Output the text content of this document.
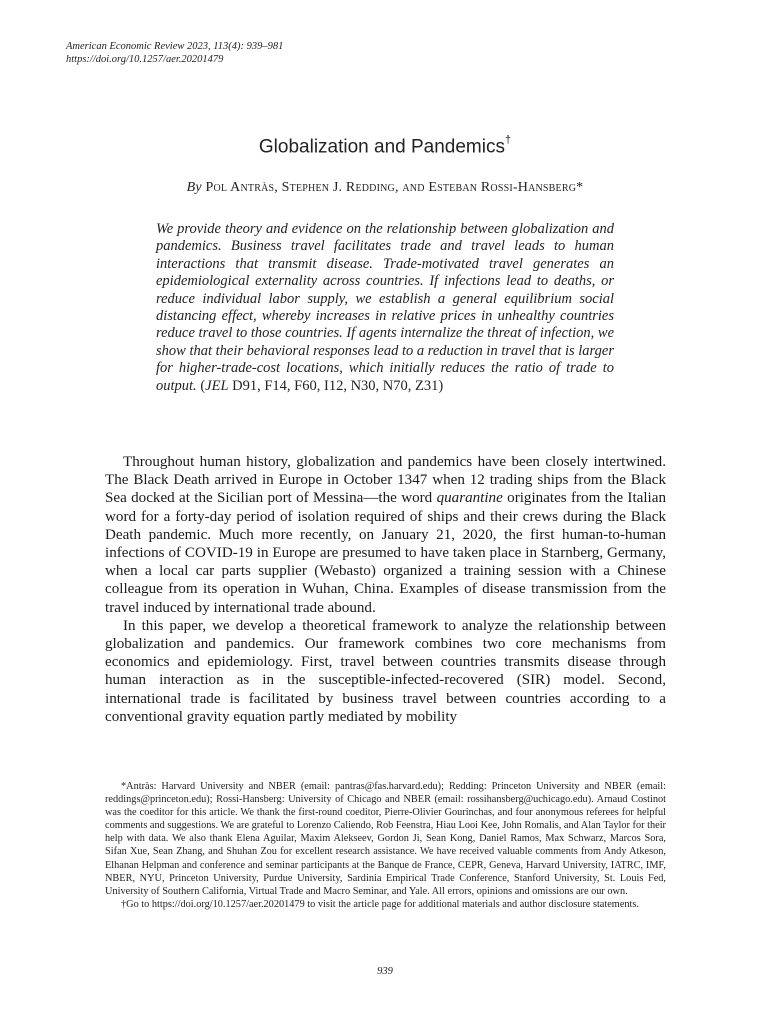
American Economic Review 2023, 113(4): 939–981
https://doi.org/10.1257/aer.20201479
Globalization and Pandemics†
By Pol Antràs, Stephen J. Redding, and Esteban Rossi-Hansberg*
We provide theory and evidence on the relationship between globalization and pandemics. Business travel facilitates trade and travel leads to human interactions that transmit disease. Trade-motivated travel generates an epidemiological externality across countries. If infections lead to deaths, or reduce individual labor supply, we establish a general equilibrium social distancing effect, whereby increases in relative prices in unhealthy countries reduce travel to those countries. If agents internalize the threat of infection, we show that their behavioral responses lead to a reduction in travel that is larger for higher-trade-cost locations, which initially reduces the ratio of trade to output. (JEL D91, F14, F60, I12, N30, N70, Z31)

Throughout human history, globalization and pandemics have been closely intertwined. The Black Death arrived in Europe in October 1347 when 12 trading ships from the Black Sea docked at the Sicilian port of Messina—the word quarantine originates from the Italian word for a forty-day period of isolation required of ships and their crews during the Black Death pandemic. Much more recently, on January 21, 2020, the first human-to-human infections of COVID-19 in Europe are presumed to have taken place in Starnberg, Germany, when a local car parts supplier (Webasto) organized a training session with a Chinese colleague from its operation in Wuhan, China. Examples of disease transmission from the travel induced by international trade abound.

In this paper, we develop a theoretical framework to analyze the relationship between globalization and pandemics. Our framework combines two core mechanisms from economics and epidemiology. First, travel between countries transmits disease through human interaction as in the susceptible-infected-recovered (SIR) model. Second, international trade is facilitated by business travel between countries according to a conventional gravity equation partly mediated by mobility

*Antràs: Harvard University and NBER (email: pantras@fas.harvard.edu); Redding: Princeton University and NBER (email: reddings@princeton.edu); Rossi-Hansberg: University of Chicago and NBER (email: rossihansberg@uchicago.edu). Arnaud Costinot was the coeditor for this article. We thank the first-round coeditor, Pierre-Olivier Gourinchas, and four anonymous referees for helpful comments and suggestions. We are grateful to Lorenzo Caliendo, Rob Feenstra, Hiau Looi Kee, John Romalis, and Alan Taylor for their help with data. We also thank Elena Aguilar, Maxim Alekseev, Gordon Ji, Sean Kong, Daniel Ramos, Max Schwarz, Marcos Sora, Sifan Xue, Sean Zhang, and Shuhan Zou for excellent research assistance. We have received valuable comments from Andy Atkeson, Elhanan Helpman and conference and seminar participants at the Banque de France, CEPR, Geneva, Harvard University, IATRC, IMF, NBER, NYU, Princeton University, Purdue University, Sardinia Empirical Trade Conference, Stanford University, St. Louis Fed, University of Southern California, Virtual Trade and Macro Seminar, and Yale. All errors, opinions and omissions are our own.

†Go to https://doi.org/10.1257/aer.20201479 to visit the article page for additional materials and author disclosure statements.

939
